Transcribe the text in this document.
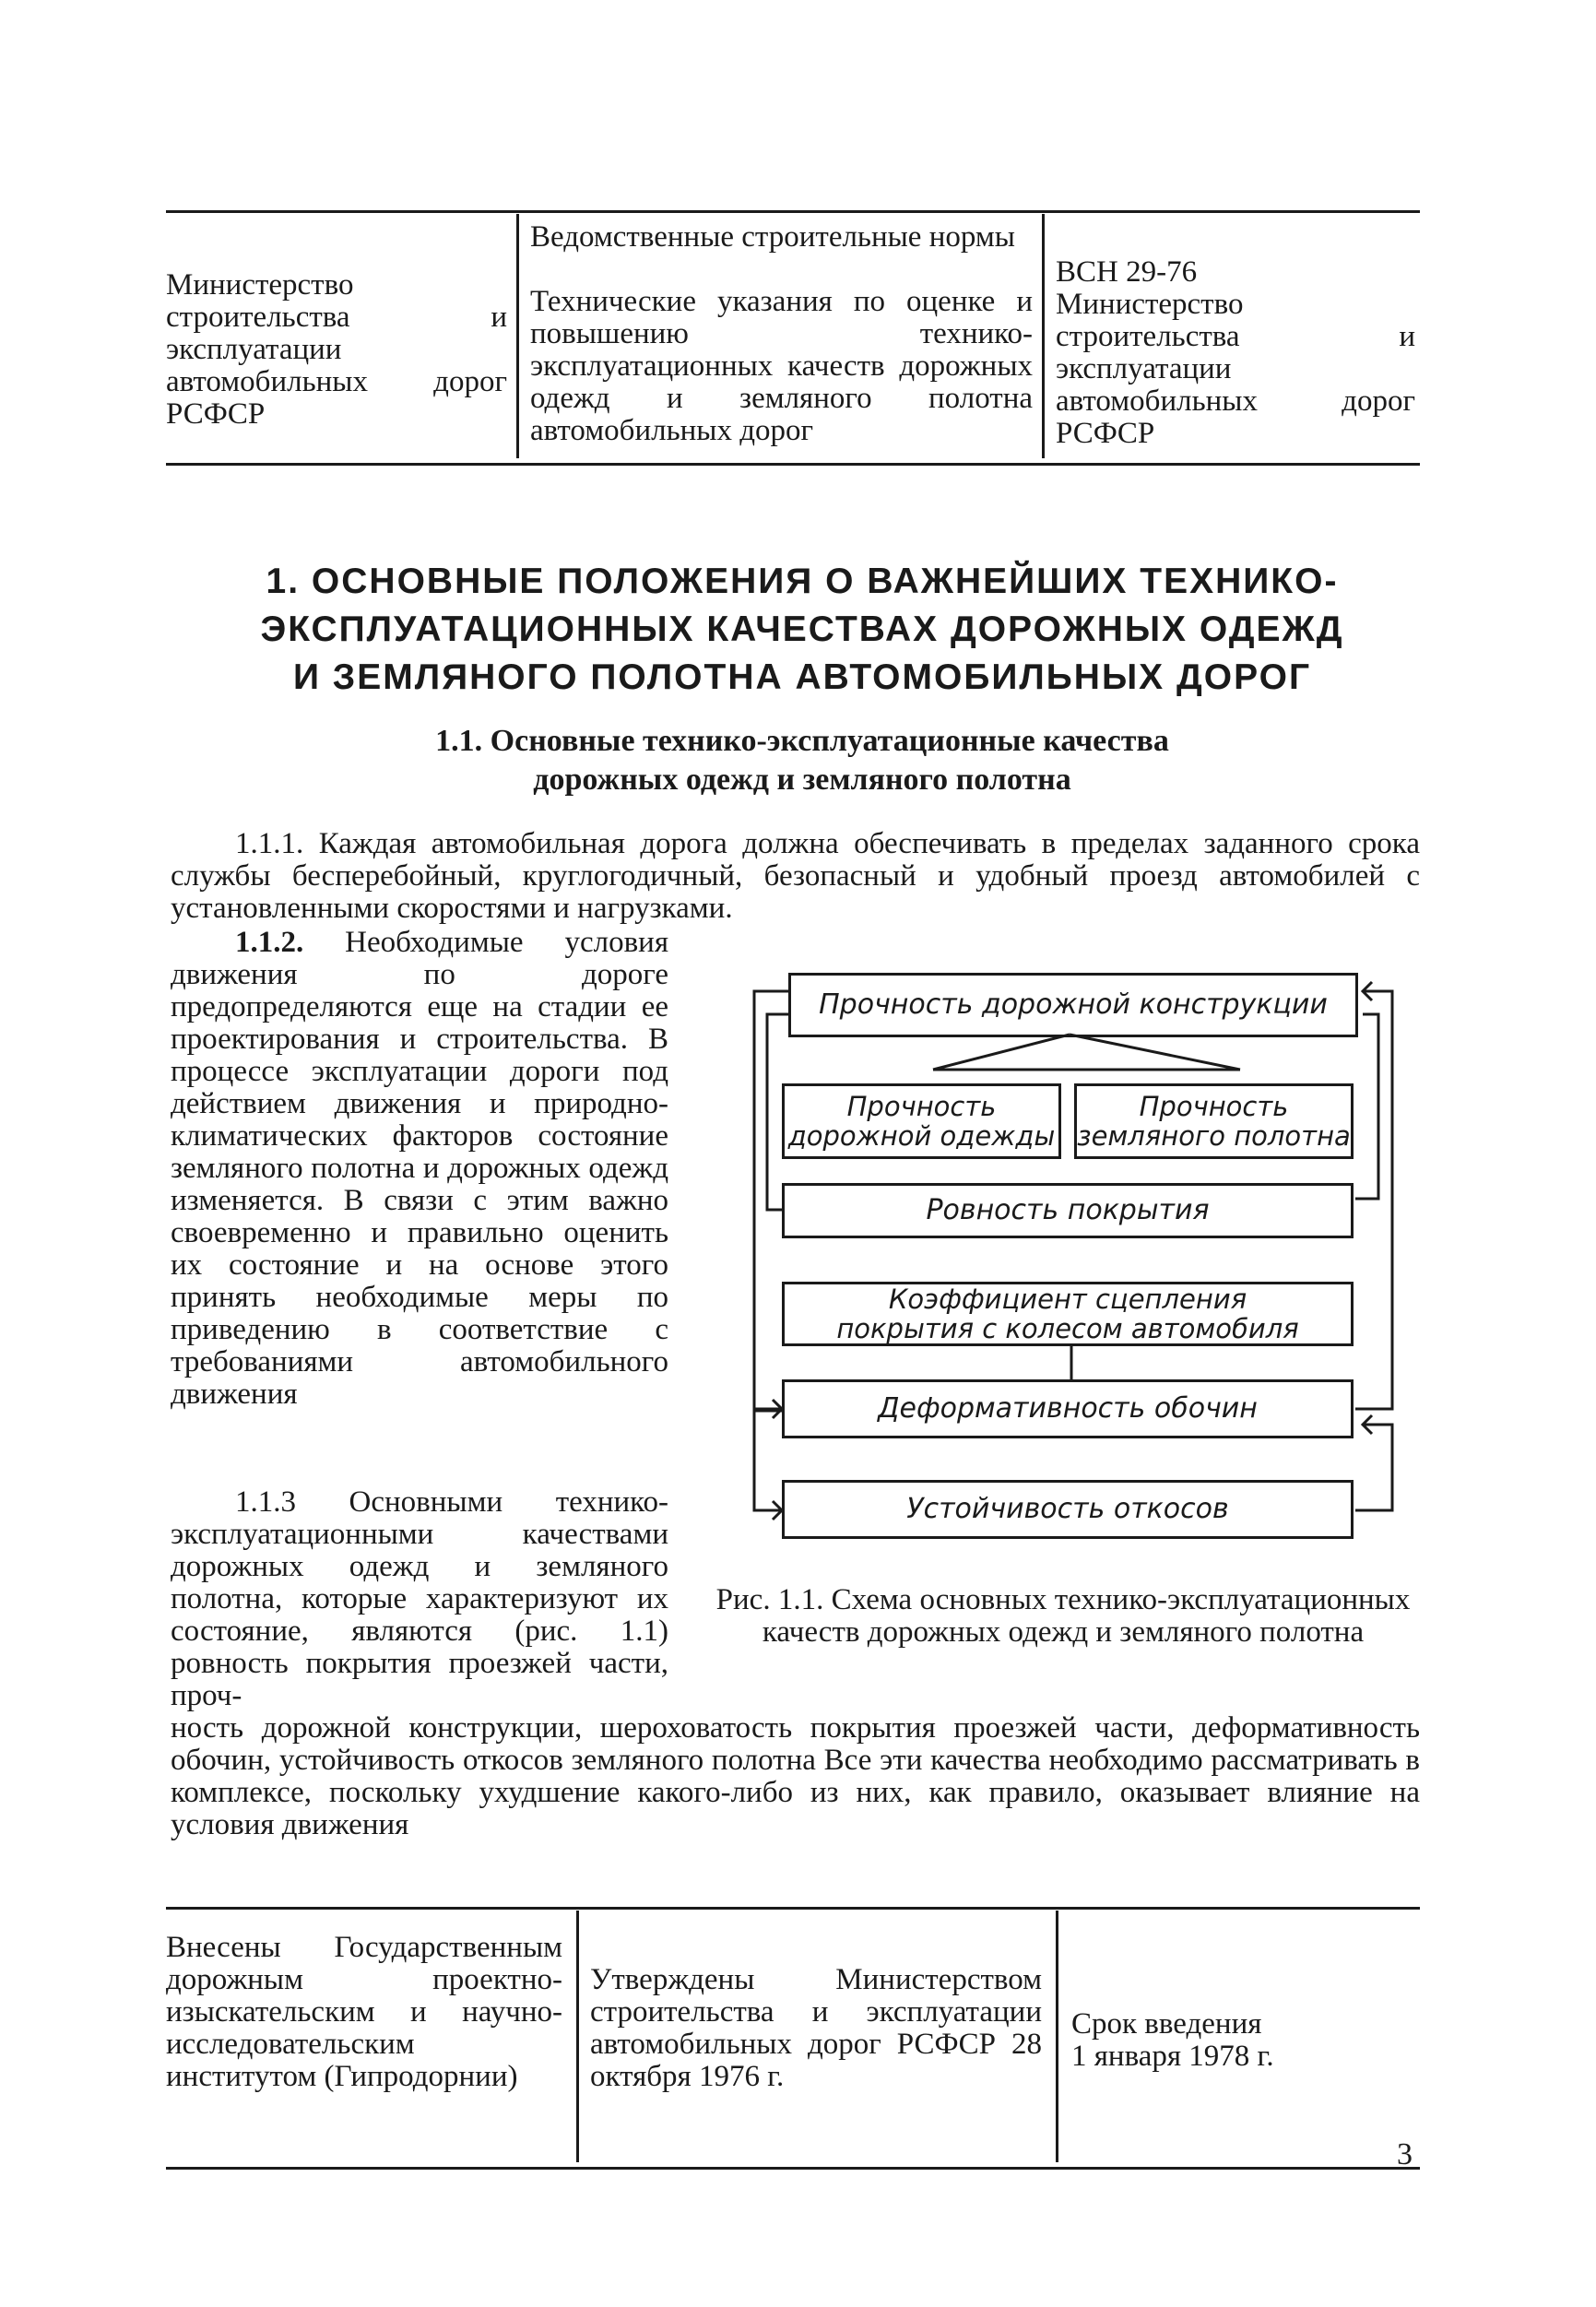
Министерство строительства и эксплуатации автомобильных дорог РСФСР
Ведомственные строительные нормы
Технические указания по оценке и повышению технико-эксплуатационных качеств дорожных одежд и земляного полотна автомобильных дорог
ВСН 29-76
Министерство строительства и эксплуатации автомобильных дорог РСФСР
1. ОСНОВНЫЕ ПОЛОЖЕНИЯ О ВАЖНЕЙШИХ ТЕХНИКО-
ЭКСПЛУАТАЦИОННЫХ КАЧЕСТВАХ ДОРОЖНЫХ ОДЕЖД
И ЗЕМЛЯНОГО ПОЛОТНА АВТОМОБИЛЬНЫХ ДОРОГ
1.1. Основные технико-эксплуатационные качества
дорожных одежд и земляного полотна
1.1.1. Каждая автомобильная дорога должна обеспечивать в пределах заданного срока службы бесперебойный, круглогодичный, безопасный и удобный проезд автомобилей с установленными скоростями и нагрузками.
1.1.2. Необходимые условия движения по дороге предопределяются еще на стадии ее проектирования и строительства. В процессе эксплуатации дороги под действием движения и природно-климатических факторов состояние земляного полотна и дорожных одежд изменяется. В связи с этим важно своевременно и правильно оценить их состояние и на основе этого принять необходимые меры по приведению в соответствие с требованиями автомобильного движения
1.1.3 Основными технико-эксплуатационными качествами дорожных одежд и земляного полотна, которые характеризуют их состояние, являются (рис. 1.1) ровность покрытия проезжей части, проч-
ность дорожной конструкции, шероховатость покрытия проезжей части, деформативность обочин, устойчивость откосов земляного полотна Все эти качества необходимо рассматривать в комплексе, поскольку ухудшение какого-либо из них, как правило, оказывает влияние на условия движения
Прочность дорожной конструкции
Прочность дорожной одежды
Прочность земляного полотна
Ровность покрытия
Коэффициент сцепления покрытия с колесом автомобиля
Деформативность обочин
Устойчивость откосов
Рис. 1.1. Схема основных технико-эксплуатационных качеств дорожных одежд и земляного полотна
Внесены Государственным дорожным проектно-изыскательским и научно-исследовательским институтом (Гипродорнии)
Утверждены Министерством строительства и эксплуатации автомобильных дорог РСФСР 28 октября 1976 г.
Срок введения
1 января 1978 г.
3
